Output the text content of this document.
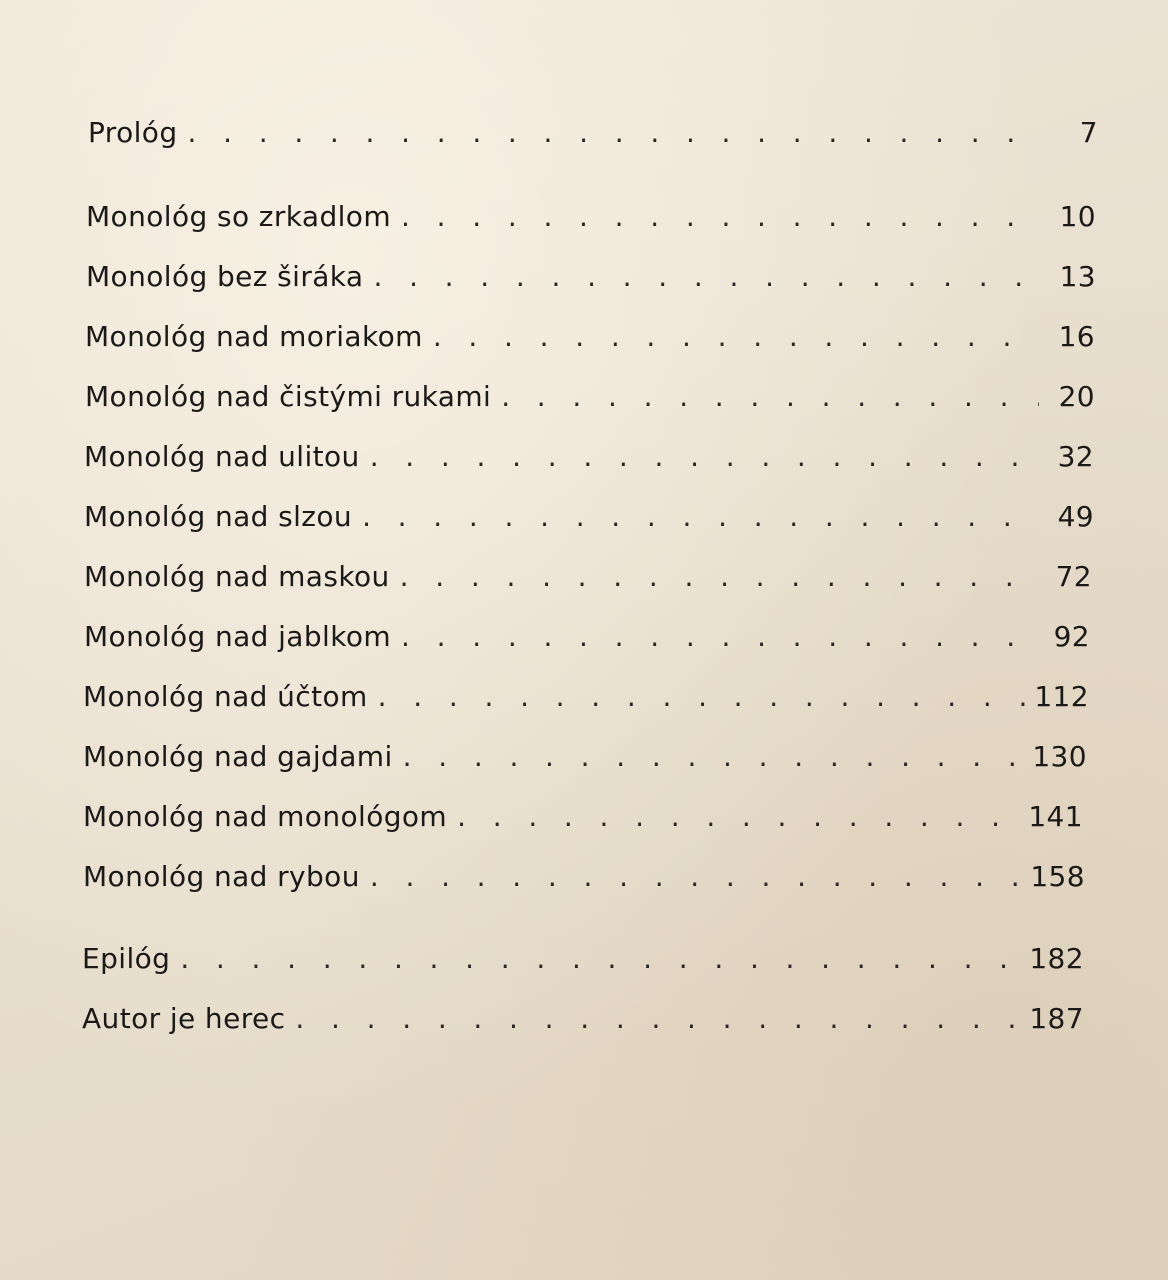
Prológ .   .	7
Monológ so zrkadlom .   .	10
Monológ bez širáka .   .	13
Monológ nad moriakom .   .	16
Monológ nad čistými rukami .   .	20
Monológ nad ulitou .   .	32
Monológ nad slzou .   .	49
Monológ nad maskou .   .	72
Monológ nad jablkom .   .	92
Monológ nad účtom .   .	112
Monológ nad gajdami .   .	130
Monológ nad monológom .   .	141
Monológ nad rybou .   .	158
Epilóg .   .	182
Autor je herec .   .	187
